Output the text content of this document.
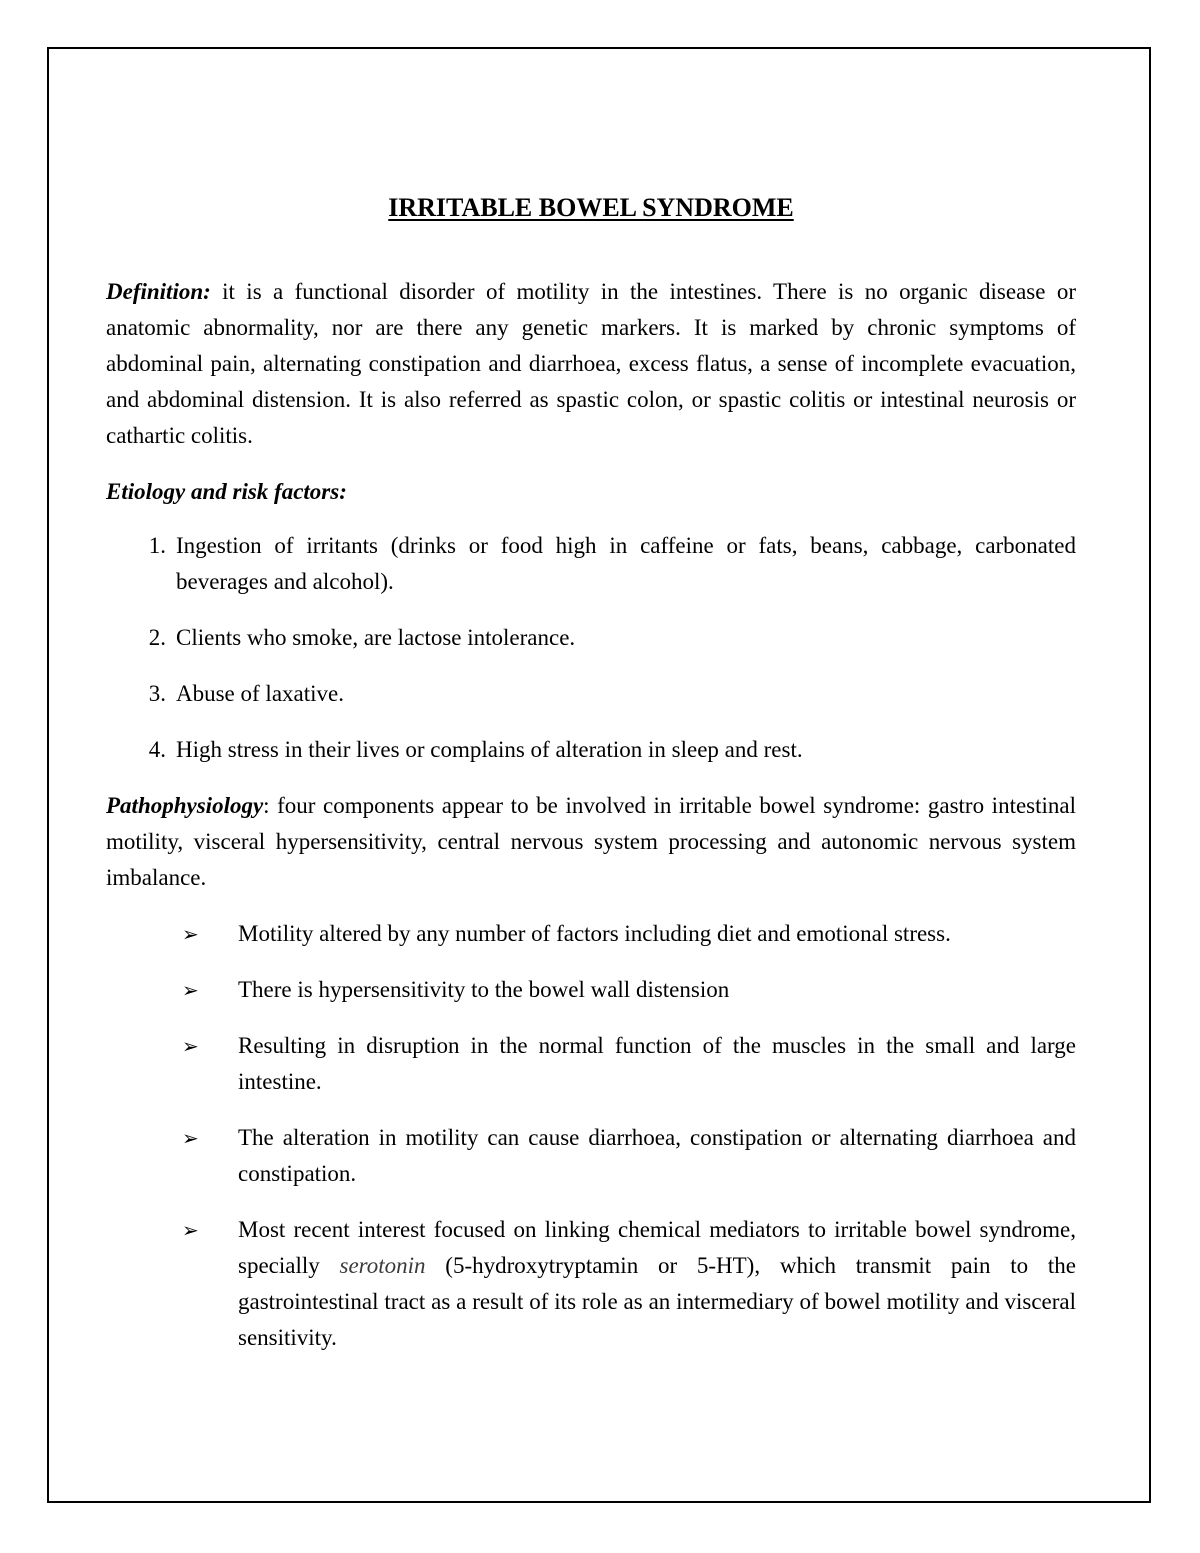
IRRITABLE BOWEL SYNDROME

Definition: it is a functional disorder of motility in the intestines. There is no organic disease or anatomic abnormality, nor are there any genetic markers. It is marked by chronic symptoms of abdominal pain, alternating constipation and diarrhoea, excess flatus, a sense of incomplete evacuation, and abdominal distension. It is also referred as spastic colon, or spastic colitis or intestinal neurosis or cathartic colitis.

Etiology and risk factors:

1. Ingestion of irritants (drinks or food high in caffeine or fats, beans, cabbage, carbonated beverages and alcohol).
2. Clients who smoke, are lactose intolerance.
3. Abuse of laxative.
4. High stress in their lives or complains of alteration in sleep and rest.

Pathophysiology: four components appear to be involved in irritable bowel syndrome: gastro intestinal motility, visceral hypersensitivity, central nervous system processing and autonomic nervous system imbalance.

➢	Motility altered by any number of factors including diet and emotional stress.
➢	There is hypersensitivity to the bowel wall distension
➢	Resulting in disruption in the normal function of the muscles in the small and large intestine.
➢	The alteration in motility can cause diarrhoea, constipation or alternating diarrhoea and constipation.
➢	Most recent interest focused on linking chemical mediators to irritable bowel syndrome, specially serotonin (5-hydroxytryptamin or 5-HT), which transmit pain to the gastrointestinal tract as a result of its role as an intermediary of bowel motility and visceral sensitivity.
